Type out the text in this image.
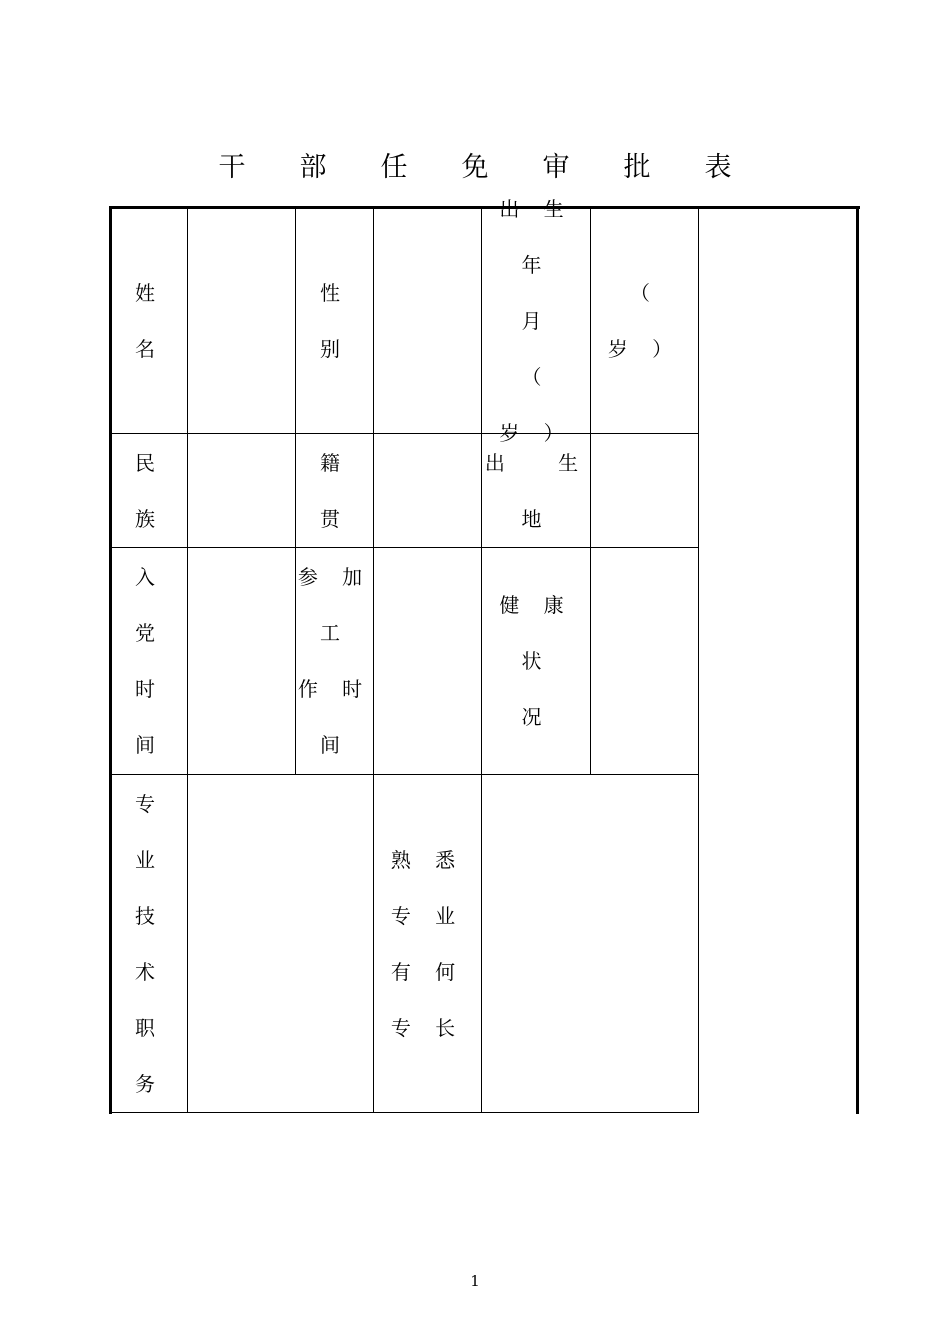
干部任免审批表
姓　名
性
别
出 生 年
月
（
岁 ）
（
岁 ）
民
族
籍
贯
出　 生
地
入
党
时
间
参 加
工
作 时
间
健 康 状
况
专
业
技
术
职
务
熟 悉
专 业
有 何
专 长
1
